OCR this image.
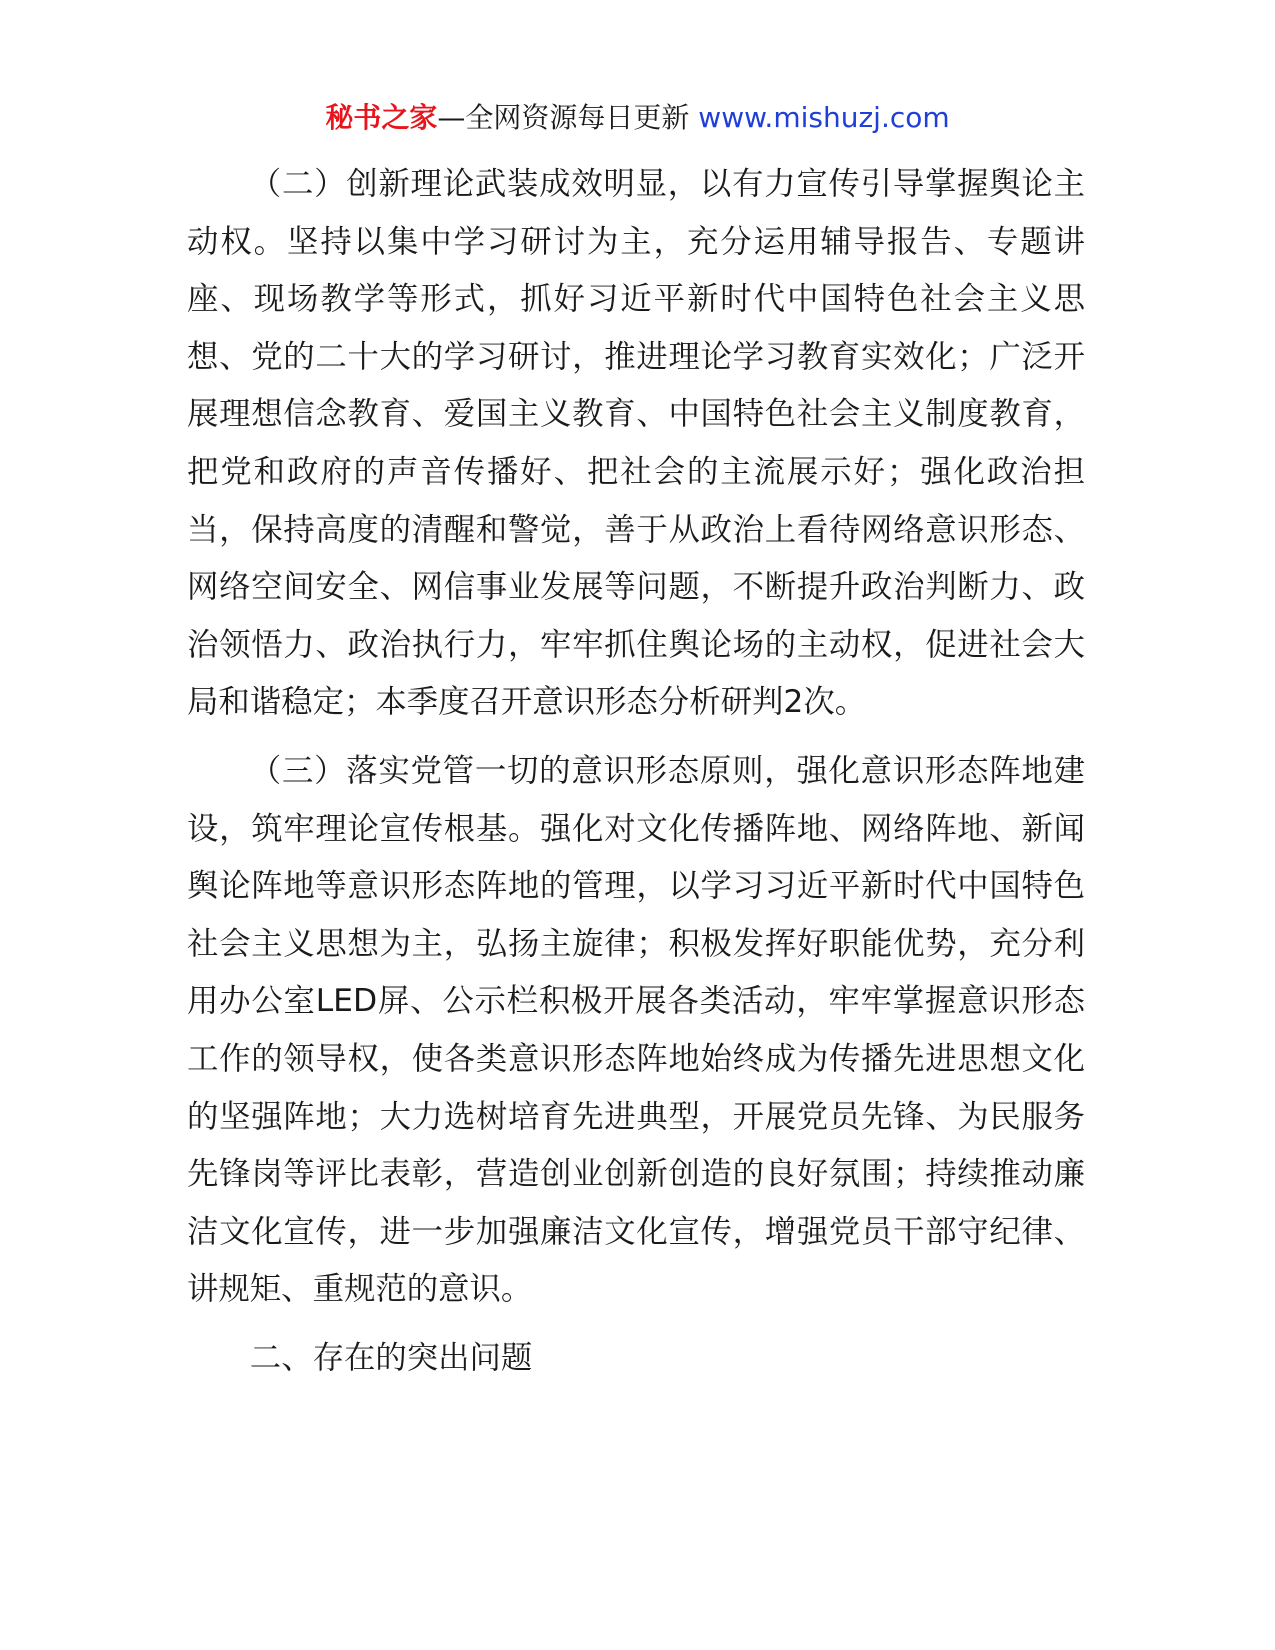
秘书之家—全网资源每日更新 www.mishuzj.com

（二）创新理论武装成效明显，以有力宣传引导掌握舆论主动权。坚持以集中学习研讨为主，充分运用辅导报告、专题讲座、现场教学等形式，抓好习近平新时代中国特色社会主义思想、党的二十大的学习研讨，推进理论学习教育实效化；广泛开展理想信念教育、爱国主义教育、中国特色社会主义制度教育，把党和政府的声音传播好、把社会的主流展示好；强化政治担当，保持高度的清醒和警觉，善于从政治上看待网络意识形态、网络空间安全、网信事业发展等问题，不断提升政治判断力、政治领悟力、政治执行力，牢牢抓住舆论场的主动权，促进社会大局和谐稳定；本季度召开意识形态分析研判2次。

（三）落实党管一切的意识形态原则，强化意识形态阵地建设，筑牢理论宣传根基。强化对文化传播阵地、网络阵地、新闻舆论阵地等意识形态阵地的管理，以学习习近平新时代中国特色社会主义思想为主，弘扬主旋律；积极发挥好职能优势，充分利用办公室LED屏、公示栏积极开展各类活动，牢牢掌握意识形态工作的领导权，使各类意识形态阵地始终成为传播先进思想文化的坚强阵地；大力选树培育先进典型，开展党员先锋、为民服务先锋岗等评比表彰，营造创业创新创造的良好氛围；持续推动廉洁文化宣传，进一步加强廉洁文化宣传，增强党员干部守纪律、讲规矩、重规范的意识。

二、存在的突出问题
